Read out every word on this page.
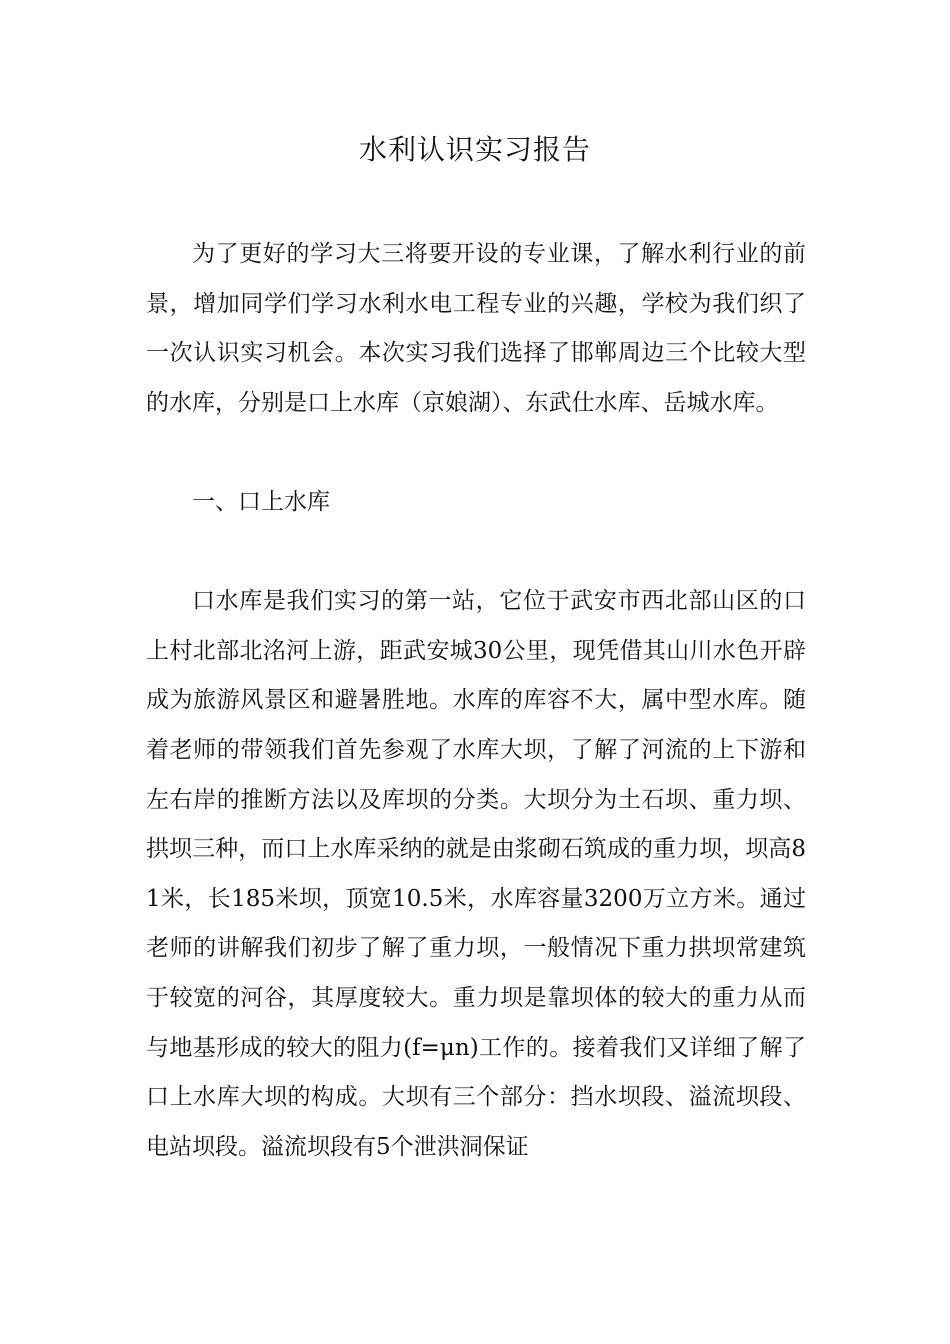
水利认识实习报告

为了更好的学习大三将要开设的专业课，了解水利行业的前景，增加同学们学习水利水电工程专业的兴趣，学校为我们织了一次认识实习机会。本次实习我们选择了邯郸周边三个比较大型的水库，分别是口上水库（京娘湖）、东武仕水库、岳城水库。

一、口上水库

口水库是我们实习的第一站，它位于武安市西北部山区的口上村北部北洺河上游，距武安城30公里，现凭借其山川水色开辟成为旅游风景区和避暑胜地。水库的库容不大，属中型水库。随着老师的带领我们首先参观了水库大坝，了解了河流的上下游和左右岸的推断方法以及库坝的分类。大坝分为土石坝、重力坝、拱坝三种，而口上水库采纳的就是由浆砌石筑成的重力坝，坝高81米，长185米坝，顶宽10.5米，水库容量3200万立方米。通过老师的讲解我们初步了解了重力坝，一般情况下重力拱坝常建筑于较宽的河谷，其厚度较大。重力坝是靠坝体的较大的重力从而与地基形成的较大的阻力(f=μn)工作的。接着我们又详细了解了口上水库大坝的构成。大坝有三个部分：挡水坝段、溢流坝段、电站坝段。溢流坝段有5个泄洪洞保证
